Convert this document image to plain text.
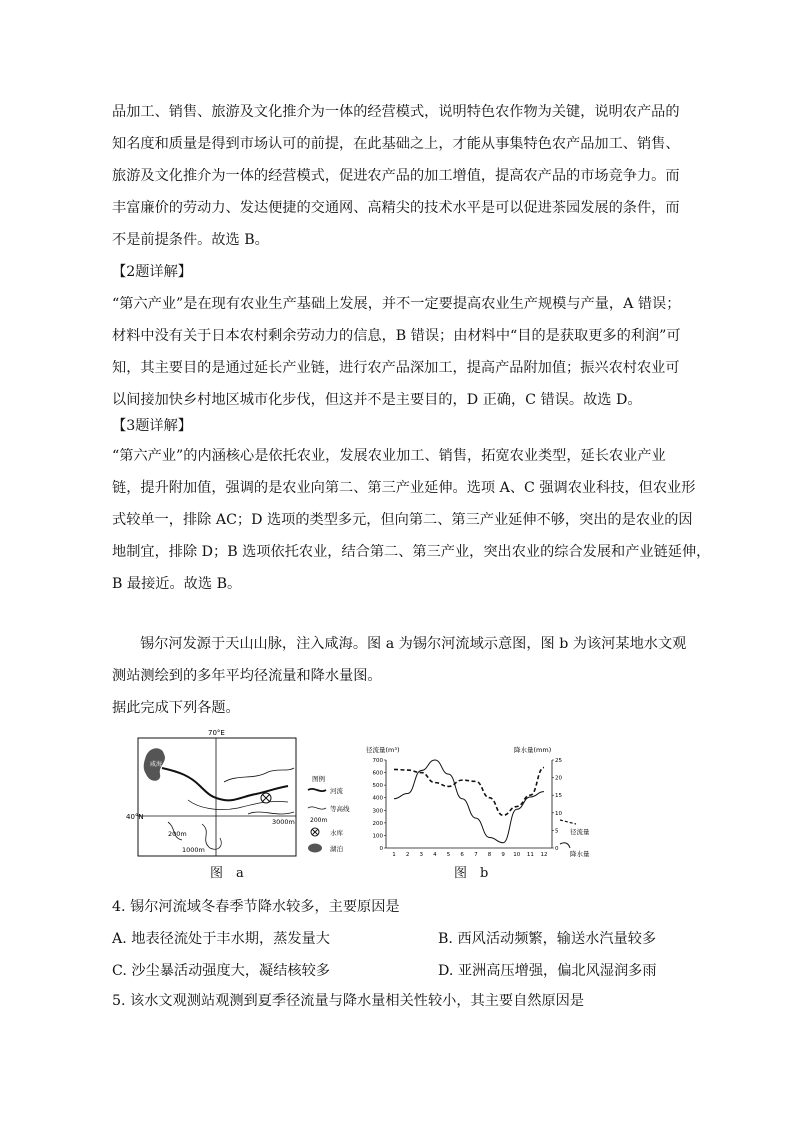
品加工、销售、旅游及文化推介为一体的经营模式，说明特色农作物为关键，说明农产品的
知名度和质量是得到市场认可的前提，在此基础之上，才能从事集特色农产品加工、销售、
旅游及文化推介为一体的经营模式，促进农产品的加工增值，提高农产品的市场竞争力。而
丰富廉价的劳动力、发达便捷的交通网、高精尖的技术水平是可以促进茶园发展的条件，而
不是前提条件。故选 B。

【2题详解】

“第六产业”是在现有农业生产基础上发展，并不一定要提高农业生产规模与产量，A 错误；
材料中没有关于日本农村剩余劳动力的信息，B 错误；由材料中“目的是获取更多的利润”可
知，其主要目的是通过延长产业链，进行农产品深加工，提高产品附加值；振兴农村农业可
以间接加快乡村地区城市化步伐，但这并不是主要目的，D 正确，C 错误。故选 D。

【3题详解】

“第六产业”的内涵核心是依托农业，发展农业加工、销售，拓宽农业类型，延长农业产业
链，提升附加值，强调的是农业向第二、第三产业延伸。选项 A、C 强调农业科技，但农业形
式较单一，排除 AC；D 选项的类型多元，但向第二、第三产业延伸不够，突出的是农业的因
地制宜，排除 D；B 选项依托农业，结合第二、第三产业，突出农业的综合发展和产业链延伸，
B 最接近。故选 B。

锡尔河发源于天山山脉，注入咸海。图 a 为锡尔河流域示意图，图 b 为该河某地水文观
测站测绘到的多年平均径流量和降水量图。
据此完成下列各题。

70°E
40°N
咸海
200m
1000m
3000m
图例
河流
等高线
200m
水库
湖泊
图　a
径流量(m³)	降水量(mm)
0
100
200
300
400
500
600
700
0
5
10
15
20
25
1 2 3 4 5 6 7 8 9 10 11 12
径流量
降水量
图　b
4. 锡尔河流域冬春季节降水较多，主要原因是
A. 地表径流处于丰水期，蒸发量大	B. 西风活动频繁，输送水汽量较多
C. 沙尘暴活动强度大，凝结核较多	D. 亚洲高压增强，偏北风湿润多雨
5. 该水文观测站观测到夏季径流量与降水量相关性较小，其主要自然原因是
